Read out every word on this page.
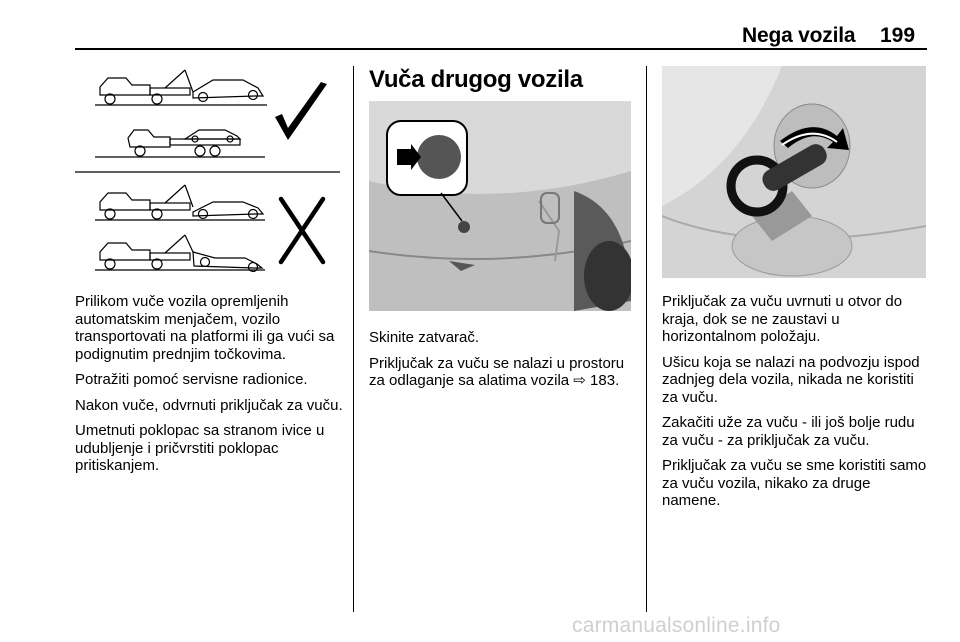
Nega vozila 199

Prilikom vuče vozila opremljenih automatskim menjačem, vozilo transportovati na platformi ili ga vući sa podignutim prednjim točkovima.

Potražiti pomoć servisne radionice.

Nakon vuče, odvrnuti priključak za vuču.

Umetnuti poklopac sa stranom ivice u udubljenje i pričvrstiti poklopac pritiskanjem.

Vuča drugog vozila

Skinite zatvarač.

Priključak za vuču se nalazi u prostoru za odlaganje sa alatima vozila ⇨ 183.

Priključak za vuču uvrnuti u otvor do kraja, dok se ne zaustavi u horizontalnom položaju.

Ušicu koja se nalazi na podvozju ispod zadnjeg dela vozila, nikada ne koristiti za vuču.

Zakačiti uže za vuču - ili još bolje rudu za vuču - za priključak za vuču.

Priključak za vuču se sme koristiti samo za vuču vozila, nikako za druge namene.

carmanualsonline.info
